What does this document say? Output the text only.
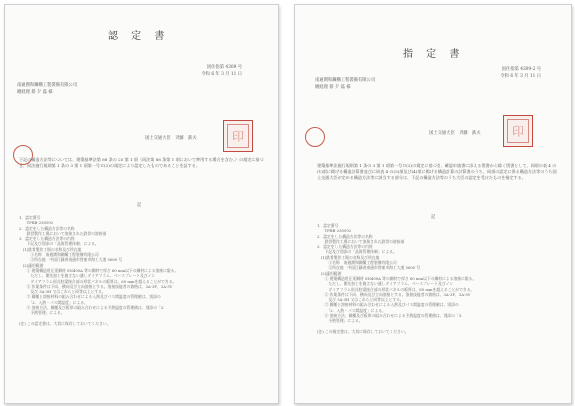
認 定 書
国住指第 4309 号
令和 6 年 3 月 11 日
南通潤和鋼構工程裝備有限公司
總経理 蔡 夕 磊 様
国土交通大臣　斉藤　鉄夫	印
下記の構造方法等については、建築基準法第 68 条の 25 第 1 項（同法第 88 条第 1 項において準用する場合を含む。）の規定に基づき、同法施行規則第 1 条の 3 第 1 項第一号ロ(2)の規定により認定したものであることを証する。
記
1．認定番号
　　TFBB-230092
2．認定をした構造方法等の名称
　　鉄骨製作工場において溶接された鉄骨の溶接部
3．認定をした構造方法等の内容
　　下記及び別添の「品質管理体制」による。
　(1)鉄骨製作工場の名称及び所在地
　　　①名称　南通潤和鋼構工程裝備有限公司
　　　②所在地　中国江蘇省南通市啓東市海工大道 5600 号
　(2)適用範囲
　　① 建築構造用圧延鋼材 SN400A 等の鋼材で厚さ 60 mm以下の鋼材による溶接に限る。
　　　ただし、開先加工を施さない通しダイアフラム、ベースプレート及びノン
　　　ダイアフラム形式柱梁接合部の形状パネルの板厚は、60 mmを超えることができる。
　　② 作業条件は下向、横向及び立向溶接とする。溶接技能者の資格は、3A-3F、3A-3V
　　　及び 3A-3H 又はこれらと同等以上とする。
　　③ 鋼種と溶接材料の組み合わせによる入熱及びパス間温度の管理値は、別添の
　　　「2．入熱・パス間温度」による。
　　④ 溶接方法、鋼種及び板厚の組み合わせによる予熱温度の管理値は、別添の「3．
　　　予熱管理」による。
(注) この認定書は、大切に保存しておいてください。
指 定 書
国住指第 4309-2 号
令和 6 年 3 月 11 日
南通潤和鋼構工程裝備有限公司
總経理 蔡 夕 磊 様
国土交通大臣　斉藤　鉄夫	印
建築基準法施行規則第 1 条の 3 第 1 項第一号ロ(2)の規定に基づき、確認申請書に添える図書から除く図書として、同項の表 4 の(1)項に掲げる構造計算書並びに同表 4 の(3)項及び(4)項に掲げる構造計算の計算書のうち、同項の認定に係る構造方法等のうち国土交通大臣が定める構造方法等に該当する部分は、下記の構造方法等のうち大臣の認定を受けたものを指定する。
記
1．認定番号
　　TFBB-230092
2．認定をした構造方法等の名称
　　鉄骨製作工場において溶接された鉄骨の溶接部
3．認定をした構造方法等の内容
　　下記及び別添の「品質管理体制」による。
　(1)鉄骨製作工場の名称及び所在地
　　　①名称　南通潤和鋼構工程裝備有限公司
　　　②所在地　中国江蘇省南通市啓東市海工大道 5600 号
　(2)適用範囲
　　① 建築構造用圧延鋼材 SN400A 等の鋼材で厚さ 60 mm以下の鋼材による溶接に限る。
　　　ただし、開先加工を施さない通しダイアフラム、ベースプレート及びノン
　　　ダイアフラム形式柱梁接合部の形状パネルの板厚は、60 mmを超えることができる。
　　② 作業条件は下向、横向及び立向溶接とする。溶接技能者の資格は、3A-3F、3A-3V
　　　及び 3A-3H 又はこれらと同等以上とする。
　　③ 鋼種と溶接材料の組み合わせによる入熱及びパス間温度の管理値は、別添の
　　　「2．入熱・パス間温度」による。
　　④ 溶接方法、鋼種及び板厚の組み合わせによる予熱温度の管理値は、別添の「3．
　　　予熱管理」による。
(注) この指定書は、大切に保存しておいてください。
